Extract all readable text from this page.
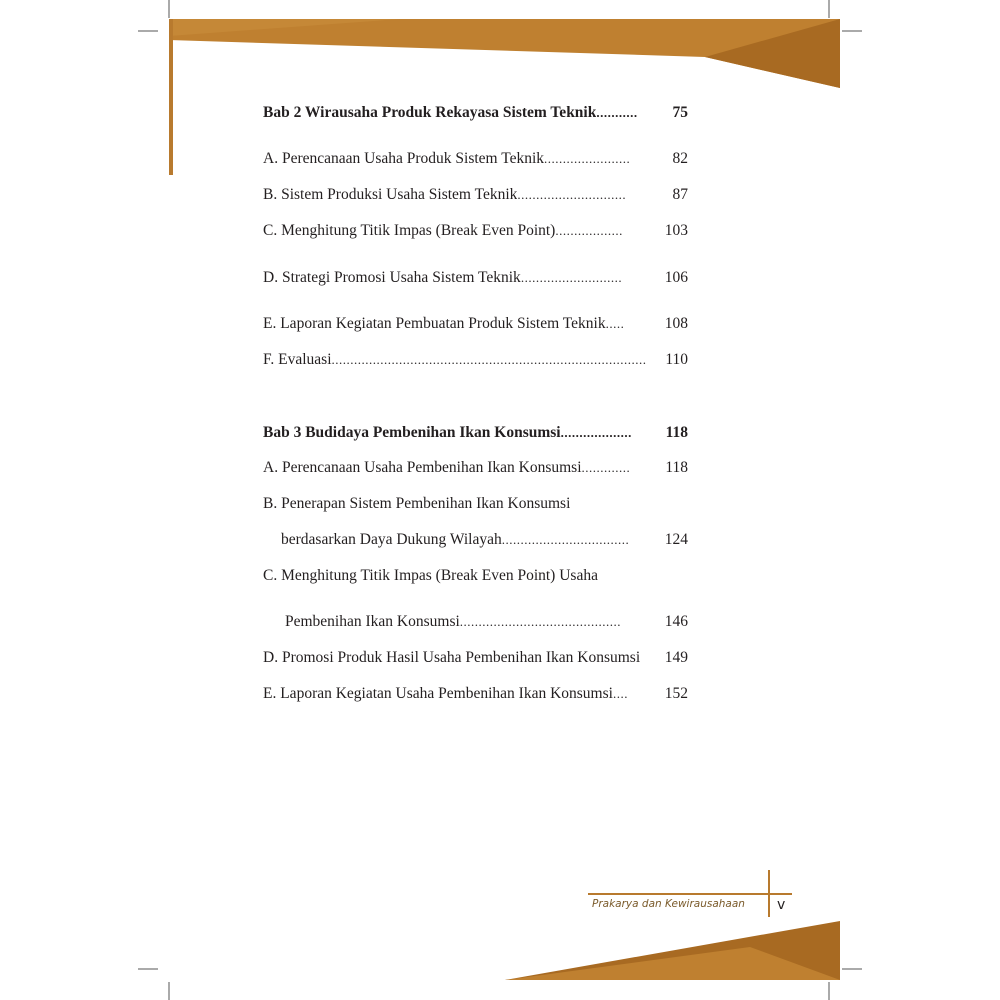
Bab 2 Wirausaha Produk Rekayasa Sistem Teknik ...........	75
A. Perencanaan Usaha Produk Sistem Teknik .......................	82
B. Sistem Produksi Usaha Sistem Teknik .............................	87
C. Menghitung Titik Impas (Break Even Point) ..................	103
D. Strategi Promosi Usaha Sistem Teknik ...........................	106
E. Laporan Kegiatan Pembuatan Produk Sistem Teknik .....	108
F. Evaluasi ....................................................................................	110
Bab 3 Budidaya Pembenihan Ikan Konsumsi ...................	118
A. Perencanaan Usaha Pembenihan Ikan Konsumsi .............	118
B. Penerapan Sistem Pembenihan Ikan Konsumsi
berdasarkan Daya Dukung Wilayah ..................................	124
C. Menghitung Titik Impas (Break Even Point) Usaha
Pembenihan Ikan Konsumsi ...........................................	146
D. Promosi Produk Hasil Usaha Pembenihan Ikan Konsumsi	149
E. Laporan Kegiatan Usaha Pembenihan Ikan Konsumsi ....	152
Prakarya dan Kewirausahaan	v
